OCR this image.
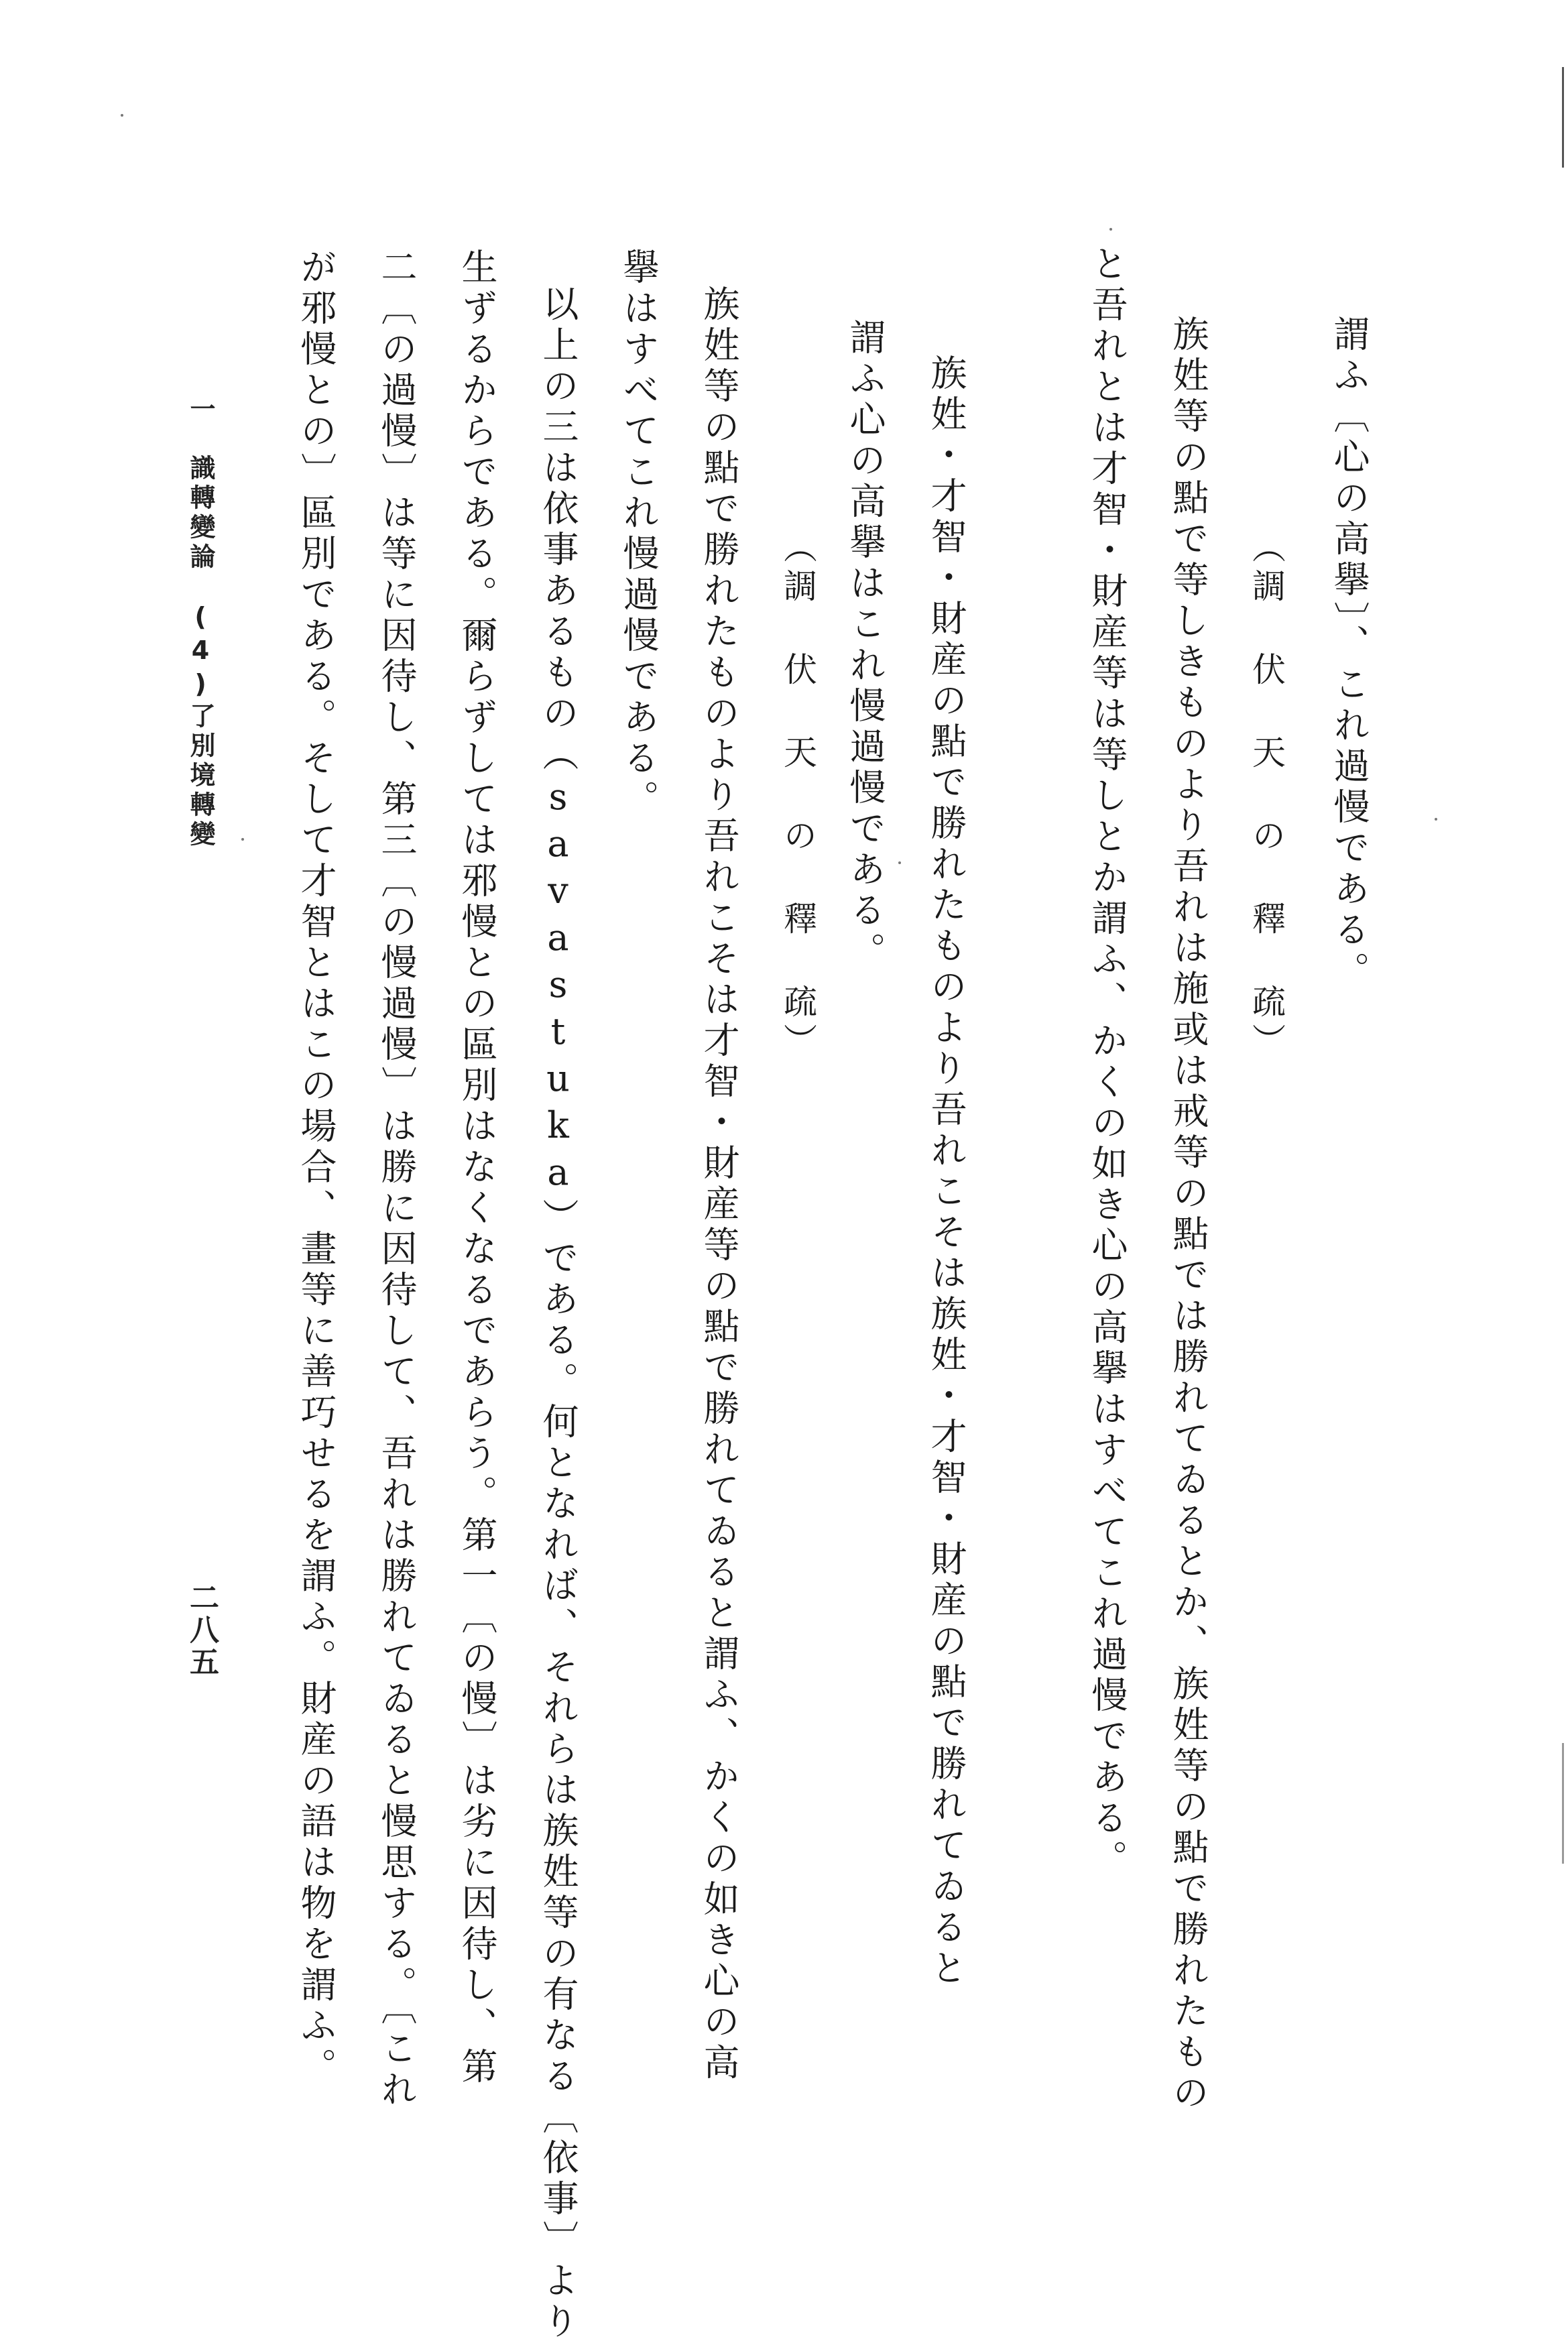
謂ふ〔心の高擧〕、これ過慢である。
（調 伏 天 の 釋 疏）
族姓等の點で等しきものより吾れは施或は戒等の點では勝れてゐるとか、族姓等の點で勝れたもの
と吾れとは才智・財産等は等しとか謂ふ、かくの如き心の高擧はすべてこれ過慢である。
族姓・才智・財産の點で勝れたものより吾れこそは族姓・才智・財産の點で勝れてゐると
謂ふ心の高擧はこれ慢過慢である。
（調 伏 天 の 釋 疏）
族姓等の點で勝れたものより吾れこそは才智・財産等の點で勝れてゐると謂ふ、かくの如き心の高
擧はすべてこれ慢過慢である。
以上の三は依事あるもの（savastuka）である。何となれば、それらは族姓等の有なる〔依事〕より
生ずるからである。爾らずしては邪慢との區別はなくなるであらう。第一〔の慢〕は劣に因待し、第
二〔の過慢〕は等に因待し、第三〔の慢過慢〕は勝に因待して、吾れは勝れてゐると慢思する。〔これ
が邪慢との〕區別である。そして才智とはこの場合、畫等に善巧せるを謂ふ。財産の語は物を謂ふ。
一　識轉變論　(4)了別境轉變
二八五
